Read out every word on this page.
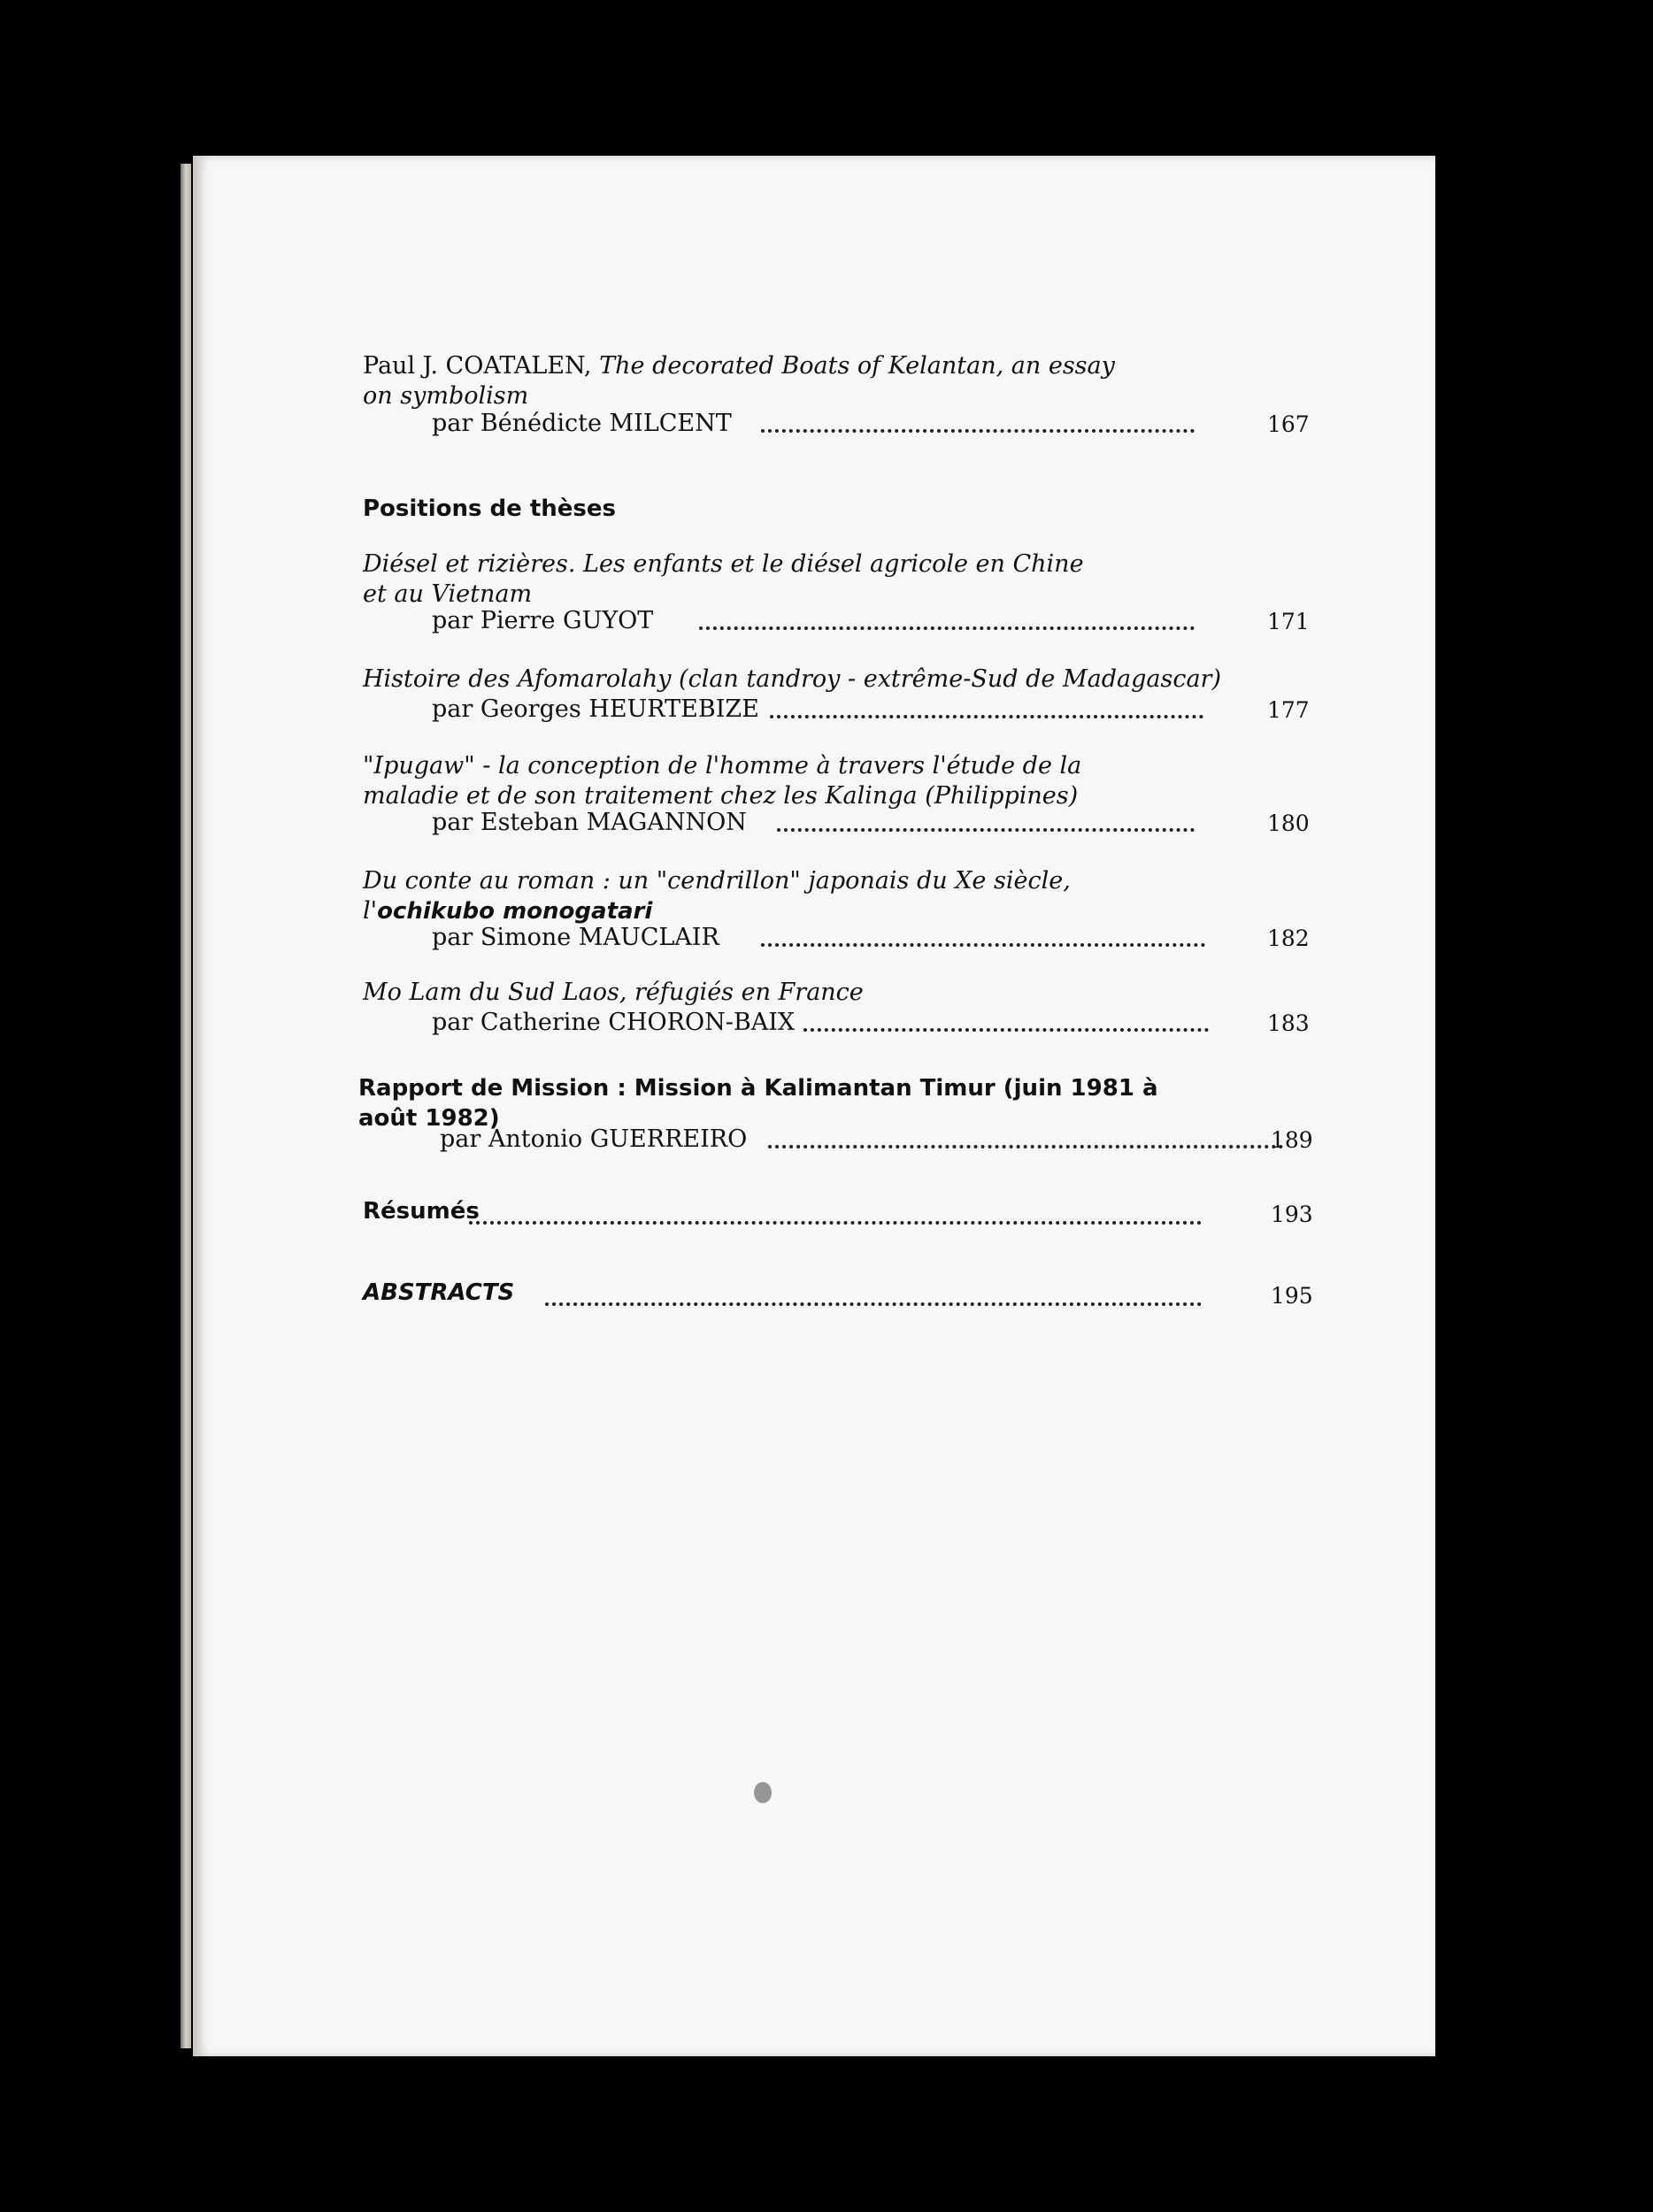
Paul J. COATALEN, The decorated Boats of Kelantan, an essay
on symbolism
par Bénédicte MILCENT	167
Positions de thèses
Diésel et rizières. Les enfants et le diésel agricole en Chine
et au Vietnam
par Pierre GUYOT	171
Histoire des Afomarolahy (clan tandroy - extrême-Sud de Madagascar)
par Georges HEURTEBIZE	177
"Ipugaw" - la conception de l'homme à travers l'étude de la
maladie et de son traitement chez les Kalinga (Philippines)
par Esteban MAGANNON	180
Du conte au roman : un "cendrillon" japonais du Xe siècle,
l'ochikubo monogatari
par Simone MAUCLAIR	182
Mo Lam du Sud Laos, réfugiés en France
par Catherine CHORON-BAIX	183
Rapport de Mission : Mission à Kalimantan Timur (juin 1981 à
août 1982)
par Antonio GUERREIRO	189
Résumés	193
ABSTRACTS	195
